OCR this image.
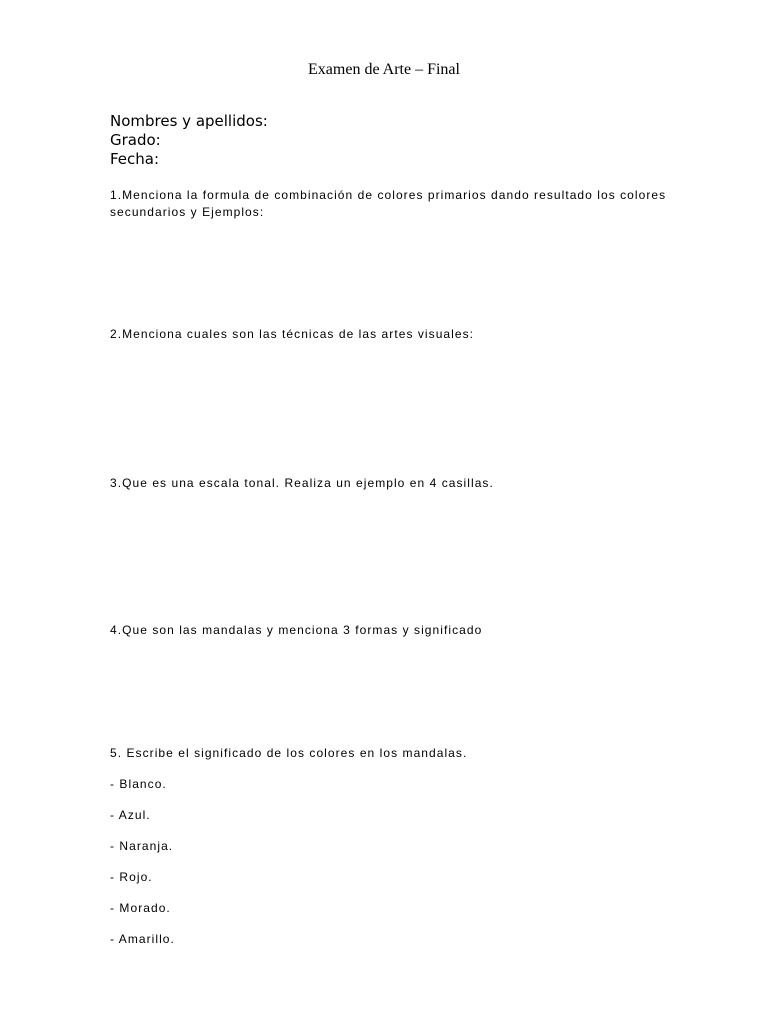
Examen de Arte – Final
Nombres y apellidos:
Grado:
Fecha:
1.Menciona la formula de combinación de colores primarios dando resultado los colores secundarios y Ejemplos:
2.Menciona cuales son las técnicas de las artes visuales:
3.Que es una escala tonal. Realiza un ejemplo en 4 casillas.
4.Que son las mandalas y menciona 3 formas y significado
5. Escribe el significado de los colores en los mandalas.
- Blanco.
- Azul.
- Naranja.
- Rojo.
- Morado.
- Amarillo.
